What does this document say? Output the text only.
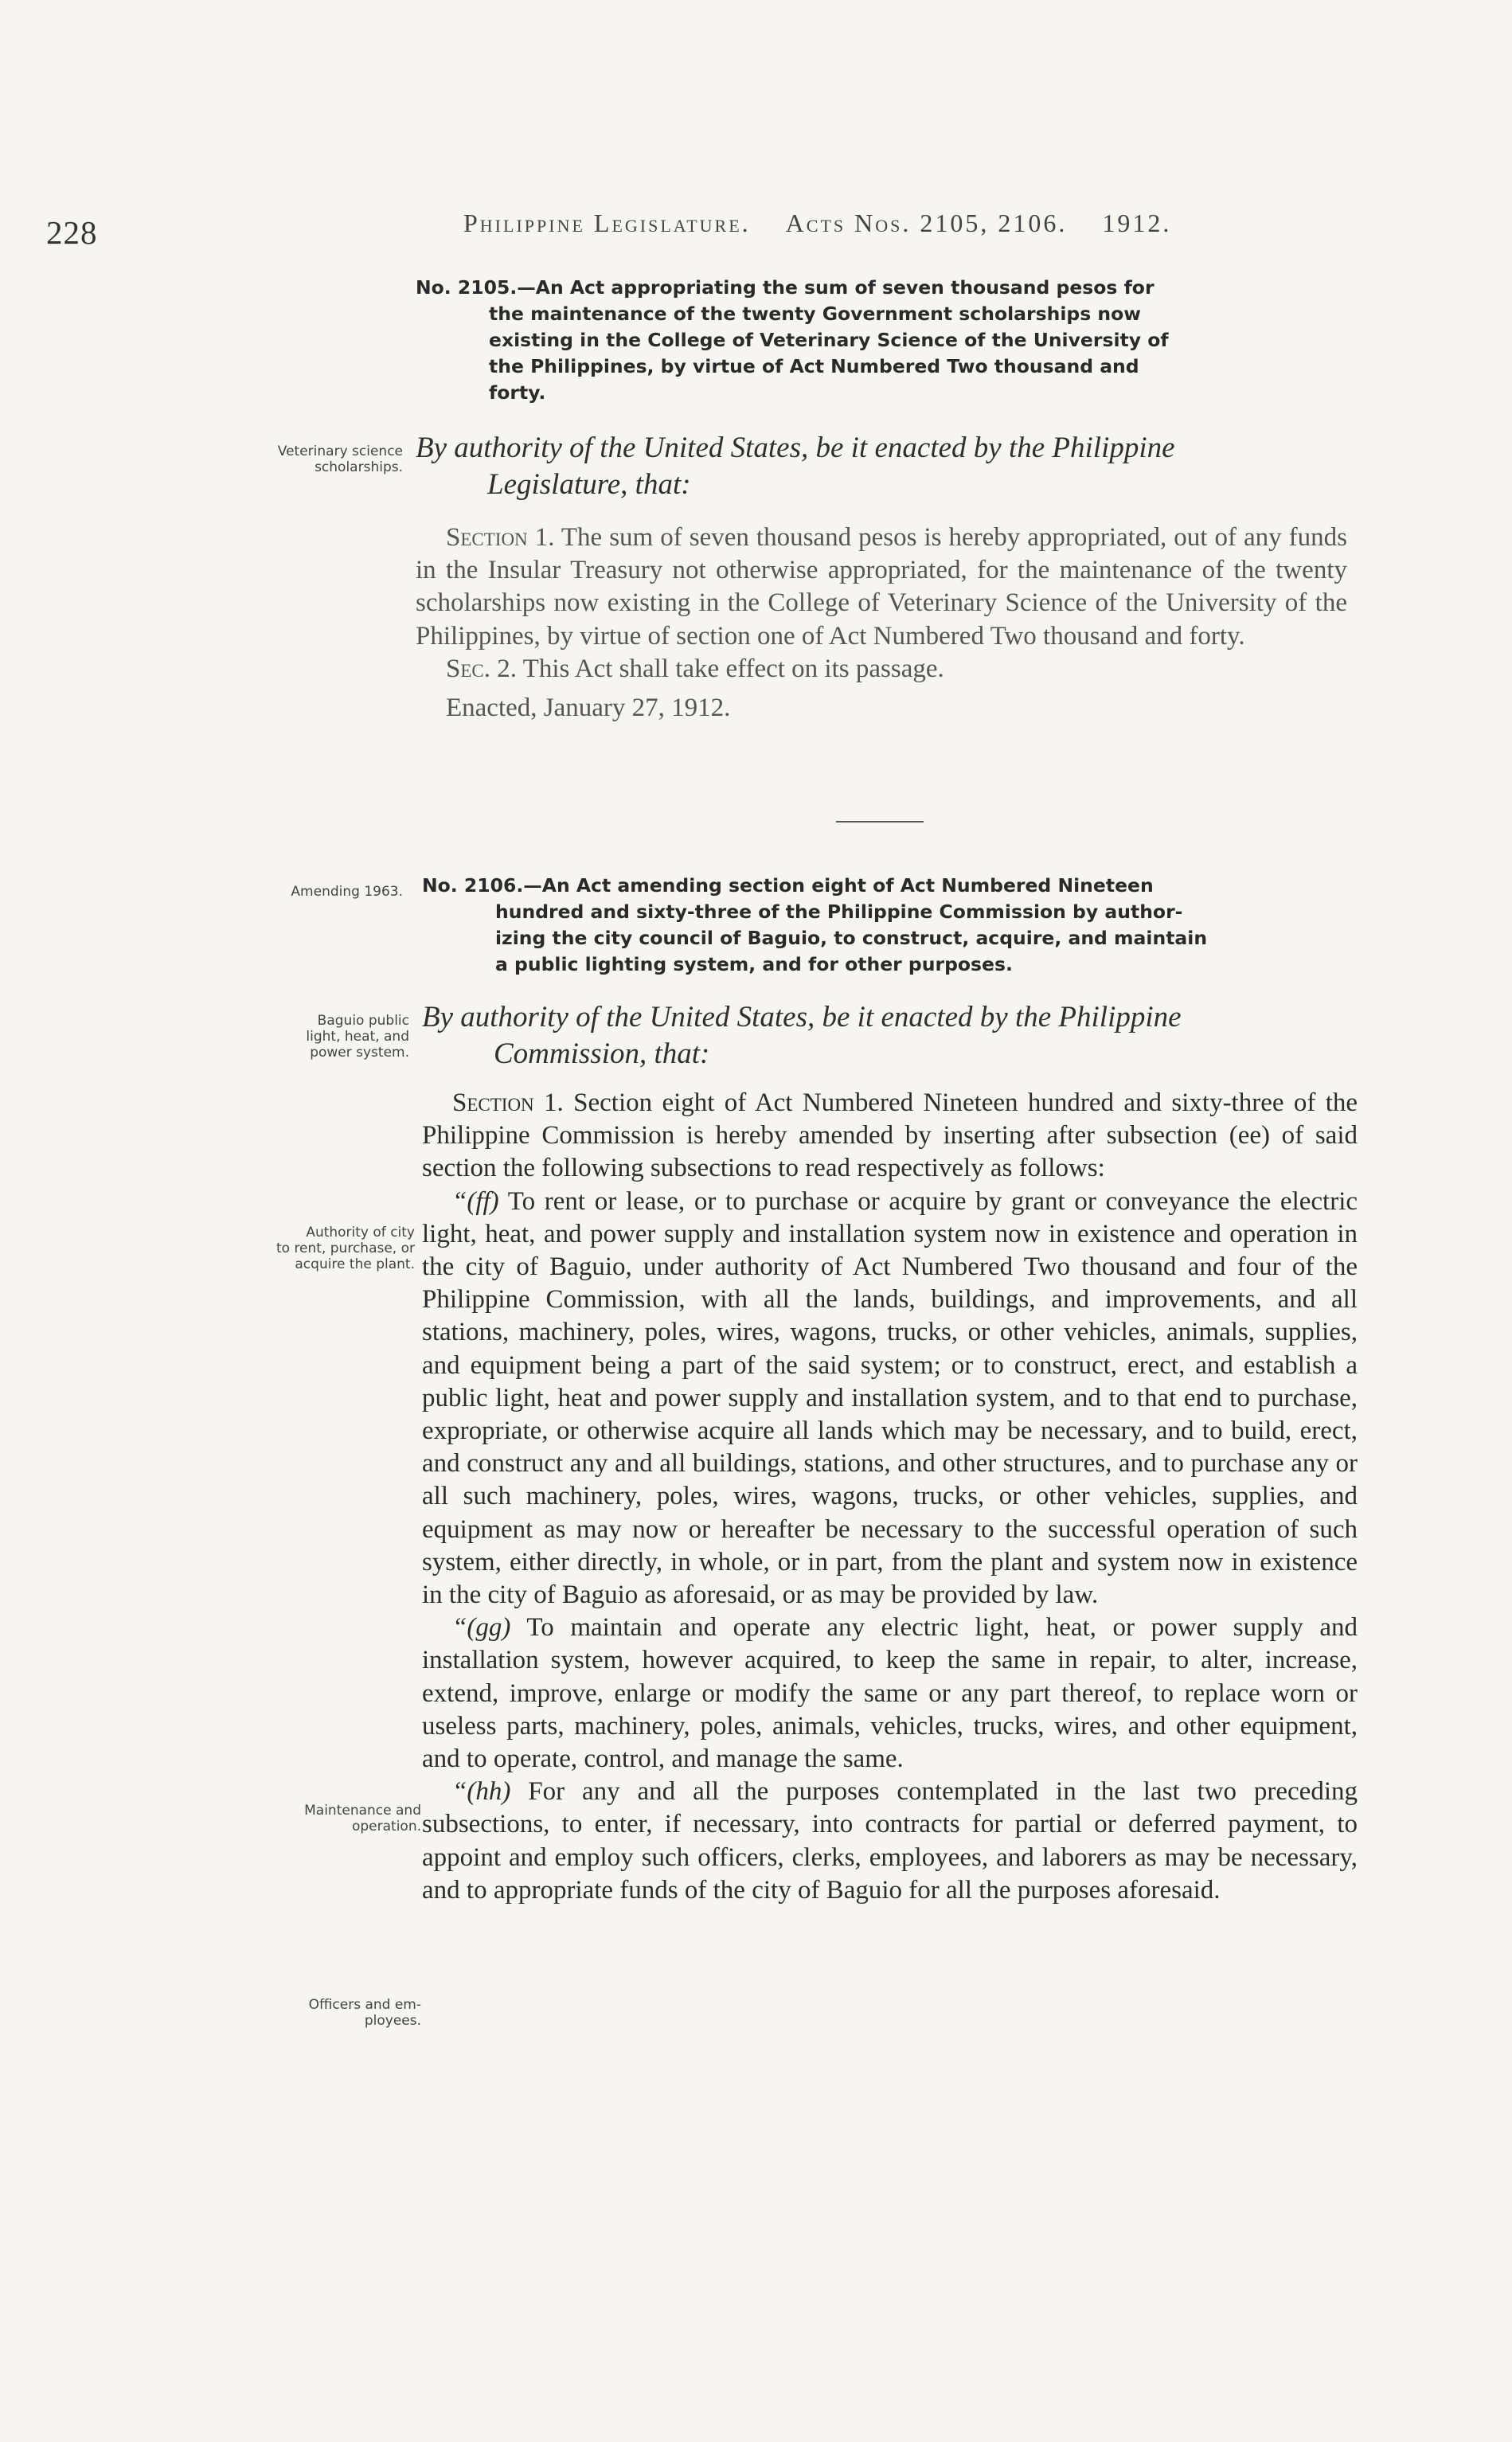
228	Philippine Legislature. Acts Nos. 2105, 2106. 1912.
No. 2105.—An Act appropriating the sum of seven thousand pesos for
the maintenance of the twenty Government scholarships now
existing in the College of Veterinary Science of the University of
the Philippines, by virtue of Act Numbered Two thousand and
forty.
Veterinary science
scholarships.
By authority of the United States, be it enacted by the Philippine
Legislature, that:

Section 1. The sum of seven thousand pesos is hereby appropriated, out of any funds in the Insular Treasury not otherwise appropriated, for the maintenance of the twenty scholarships now existing in the College of Veterinary Science of the University of the Philippines, by virtue of section one of Act Numbered Two thousand and forty.

Sec. 2. This Act shall take effect on its passage.

Enacted, January 27, 1912.

Amending 1963. No. 2106.—An Act amending section eight of Act Numbered Nineteen
hundred and sixty-three of the Philippine Commission by author-
izing the city council of Baguio, to construct, acquire, and maintain
a public lighting system, and for other purposes.
Baguio public
light, heat, and
power system.
By authority of the United States, be it enacted by the Philippine
Commission, that:

Section 1. Section eight of Act Numbered Nineteen hundred and sixty-three of the Philippine Commission is hereby amended by inserting after subsection (ee) of said section the following subsections to read respectively as follows:

“(ff) To rent or lease, or to purchase or acquire by grant or conveyance the electric light, heat, and power supply and installation system now in existence and operation in the city of Baguio, under authority of Act Numbered Two thousand and four of the Philippine Commission, with all the lands, buildings, and improvements, and all stations, machinery, poles, wires, wagons, trucks, or other vehicles, animals, supplies, and equipment being a part of the said system; or to construct, erect, and establish a public light, heat and power supply and installation system, and to that end to purchase, expropriate, or otherwise acquire all lands which may be necessary, and to build, erect, and construct any and all buildings, stations, and other structures, and to purchase any or all such machinery, poles, wires, wagons, trucks, or other vehicles, supplies, and equipment as may now or hereafter be necessary to the successful operation of such system, either directly, in whole, or in part, from the plant and system now in existence in the city of Baguio as aforesaid, or as may be provided by law.

“(gg) To maintain and operate any electric light, heat, or power supply and installation system, however acquired, to keep the same in repair, to alter, increase, extend, improve, enlarge or modify the same or any part thereof, to replace worn or useless parts, machinery, poles, animals, vehicles, trucks, wires, and other equipment, and to operate, control, and manage the same.

“(hh) For any and all the purposes contemplated in the last two preceding subsections, to enter, if necessary, into contracts for partial or deferred payment, to appoint and employ such officers, clerks, employees, and laborers as may be necessary, and to appropriate funds of the city of Baguio for all the purposes aforesaid.

Authority of city
to rent, purchase, or
acquire the plant.
Maintenance and
operation.
Officers and em-
ployees.
